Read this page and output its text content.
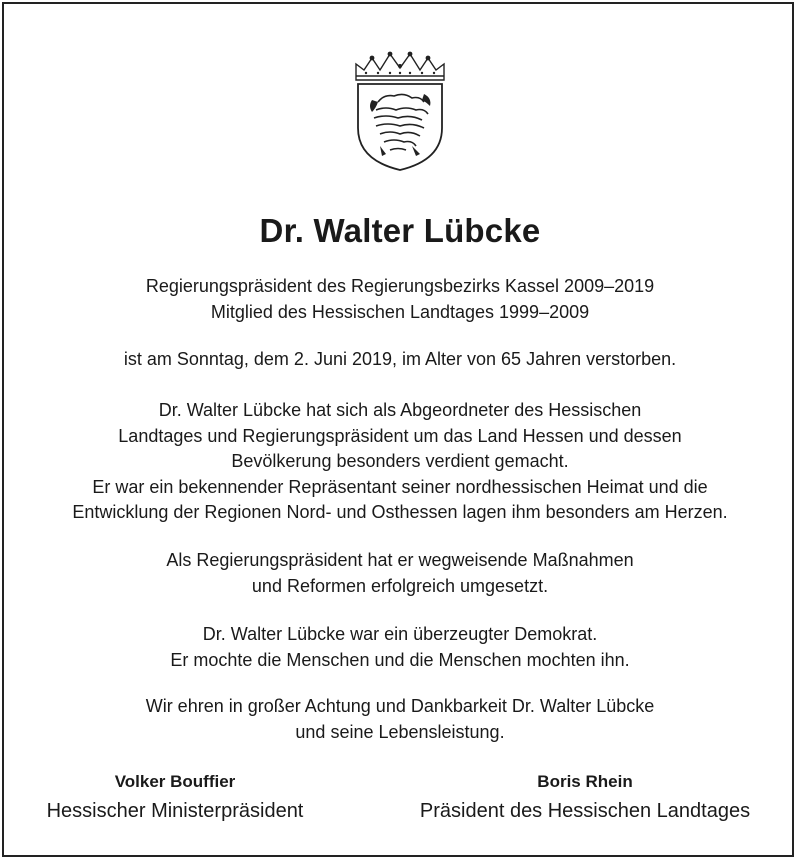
Dr. Walter Lübcke
Regierungspräsident des Regierungsbezirks Kassel 2009–2019
Mitglied des Hessischen Landtages 1999–2009
ist am Sonntag, dem 2. Juni 2019, im Alter von 65 Jahren verstorben.
Dr. Walter Lübcke hat sich als Abgeordneter des Hessischen
Landtages und Regierungspräsident um das Land Hessen und dessen
Bevölkerung besonders verdient gemacht.
Er war ein bekennender Repräsentant seiner nordhessischen Heimat und die
Entwicklung der Regionen Nord- und Osthessen lagen ihm besonders am Herzen.
Als Regierungspräsident hat er wegweisende Maßnahmen
und Reformen erfolgreich umgesetzt.
Dr. Walter Lübcke war ein überzeugter Demokrat.
Er mochte die Menschen und die Menschen mochten ihn.
Wir ehren in großer Achtung und Dankbarkeit Dr. Walter Lübcke
und seine Lebensleistung.
Volker Bouffier
Hessischer Ministerpräsident
Boris Rhein
Präsident des Hessischen Landtages
